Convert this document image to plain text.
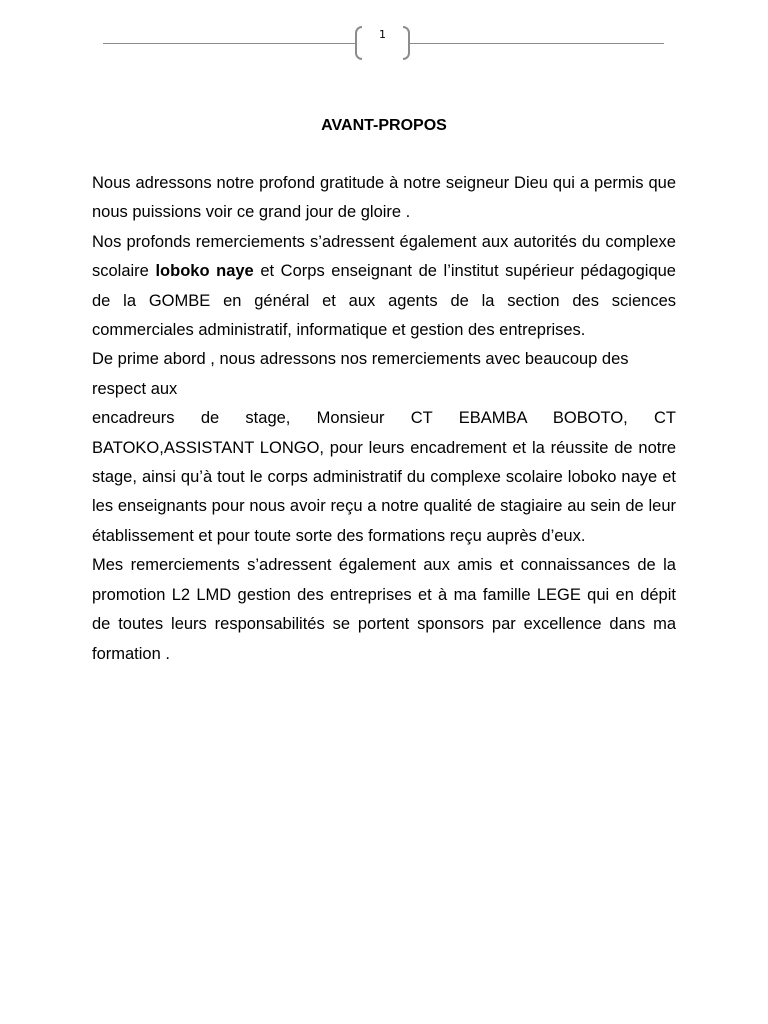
1
AVANT-PROPOS

Nous adressons notre profond gratitude à notre seigneur Dieu qui a permis que nous puissions voir ce grand jour de gloire .

Nos profonds remerciements s’adressent également aux autorités du complexe scolaire loboko naye et Corps enseignant de l’institut supérieur pédagogique de la GOMBE en général et aux agents de la section des sciences commerciales administratif, informatique et gestion des entreprises.

De prime abord , nous adressons nos remerciements avec beaucoup des respect aux

encadreurs de stage, Monsieur CT EBAMBA BOBOTO, CT BATOKO,ASSISTANT LONGO, pour leurs encadrement et la réussite de notre stage, ainsi qu’à tout le corps administratif du complexe scolaire loboko naye et les enseignants pour nous avoir reçu a notre qualité de stagiaire au sein de leur établissement et pour toute sorte des formations reçu auprès d’eux.

Mes remerciements s’adressent également aux amis et connaissances de la promotion L2 LMD gestion des entreprises et à ma famille LEGE qui en dépit de toutes leurs responsabilités se portent sponsors par excellence dans ma formation .
